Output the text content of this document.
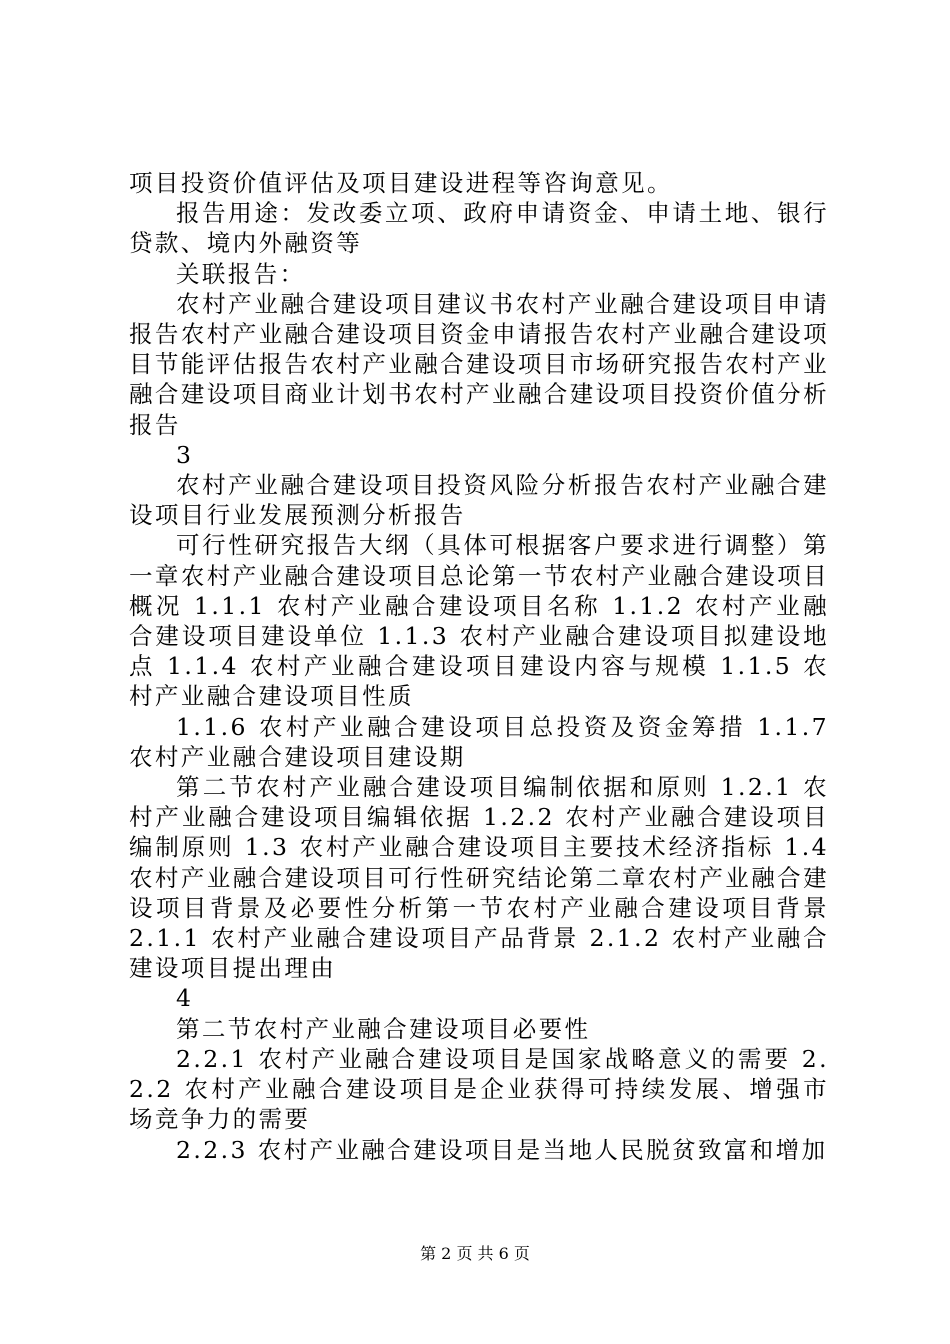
项目投资价值评估及项目建设进程等咨询意见。

报告用途：发改委立项、政府申请资金、申请土地、银行贷款、境内外融资等

关联报告：

农村产业融合建设项目建议书农村产业融合建设项目申请报告农村产业融合建设项目资金申请报告农村产业融合建设项目节能评估报告农村产业融合建设项目市场研究报告农村产业融合建设项目商业计划书农村产业融合建设项目投资价值分析报告

3

农村产业融合建设项目投资风险分析报告农村产业融合建设项目行业发展预测分析报告

可行性研究报告大纲（具体可根据客户要求进行调整）第一章农村产业融合建设项目总论第一节农村产业融合建设项目概况 1.1.1 农村产业融合建设项目名称 1.1.2 农村产业融合建设项目建设单位 1.1.3 农村产业融合建设项目拟建设地点 1.1.4 农村产业融合建设项目建设内容与规模 1.1.5 农村产业融合建设项目性质

1.1.6 农村产业融合建设项目总投资及资金筹措 1.1.7 农村产业融合建设项目建设期

第二节农村产业融合建设项目编制依据和原则 1.2.1 农村产业融合建设项目编辑依据 1.2.2 农村产业融合建设项目编制原则 1.3 农村产业融合建设项目主要技术经济指标 1.4 农村产业融合建设项目可行性研究结论第二章农村产业融合建设项目背景及必要性分析第一节农村产业融合建设项目背景 2.1.1 农村产业融合建设项目产品背景 2.1.2 农村产业融合建设项目提出理由

4

第二节农村产业融合建设项目必要性

2.2.1 农村产业融合建设项目是国家战略意义的需要 2.2.2 农村产业融合建设项目是企业获得可持续发展、增强市场竞争力的需要

2.2.3 农村产业融合建设项目是当地人民脱贫致富和增加

第 2 页 共 6 页
